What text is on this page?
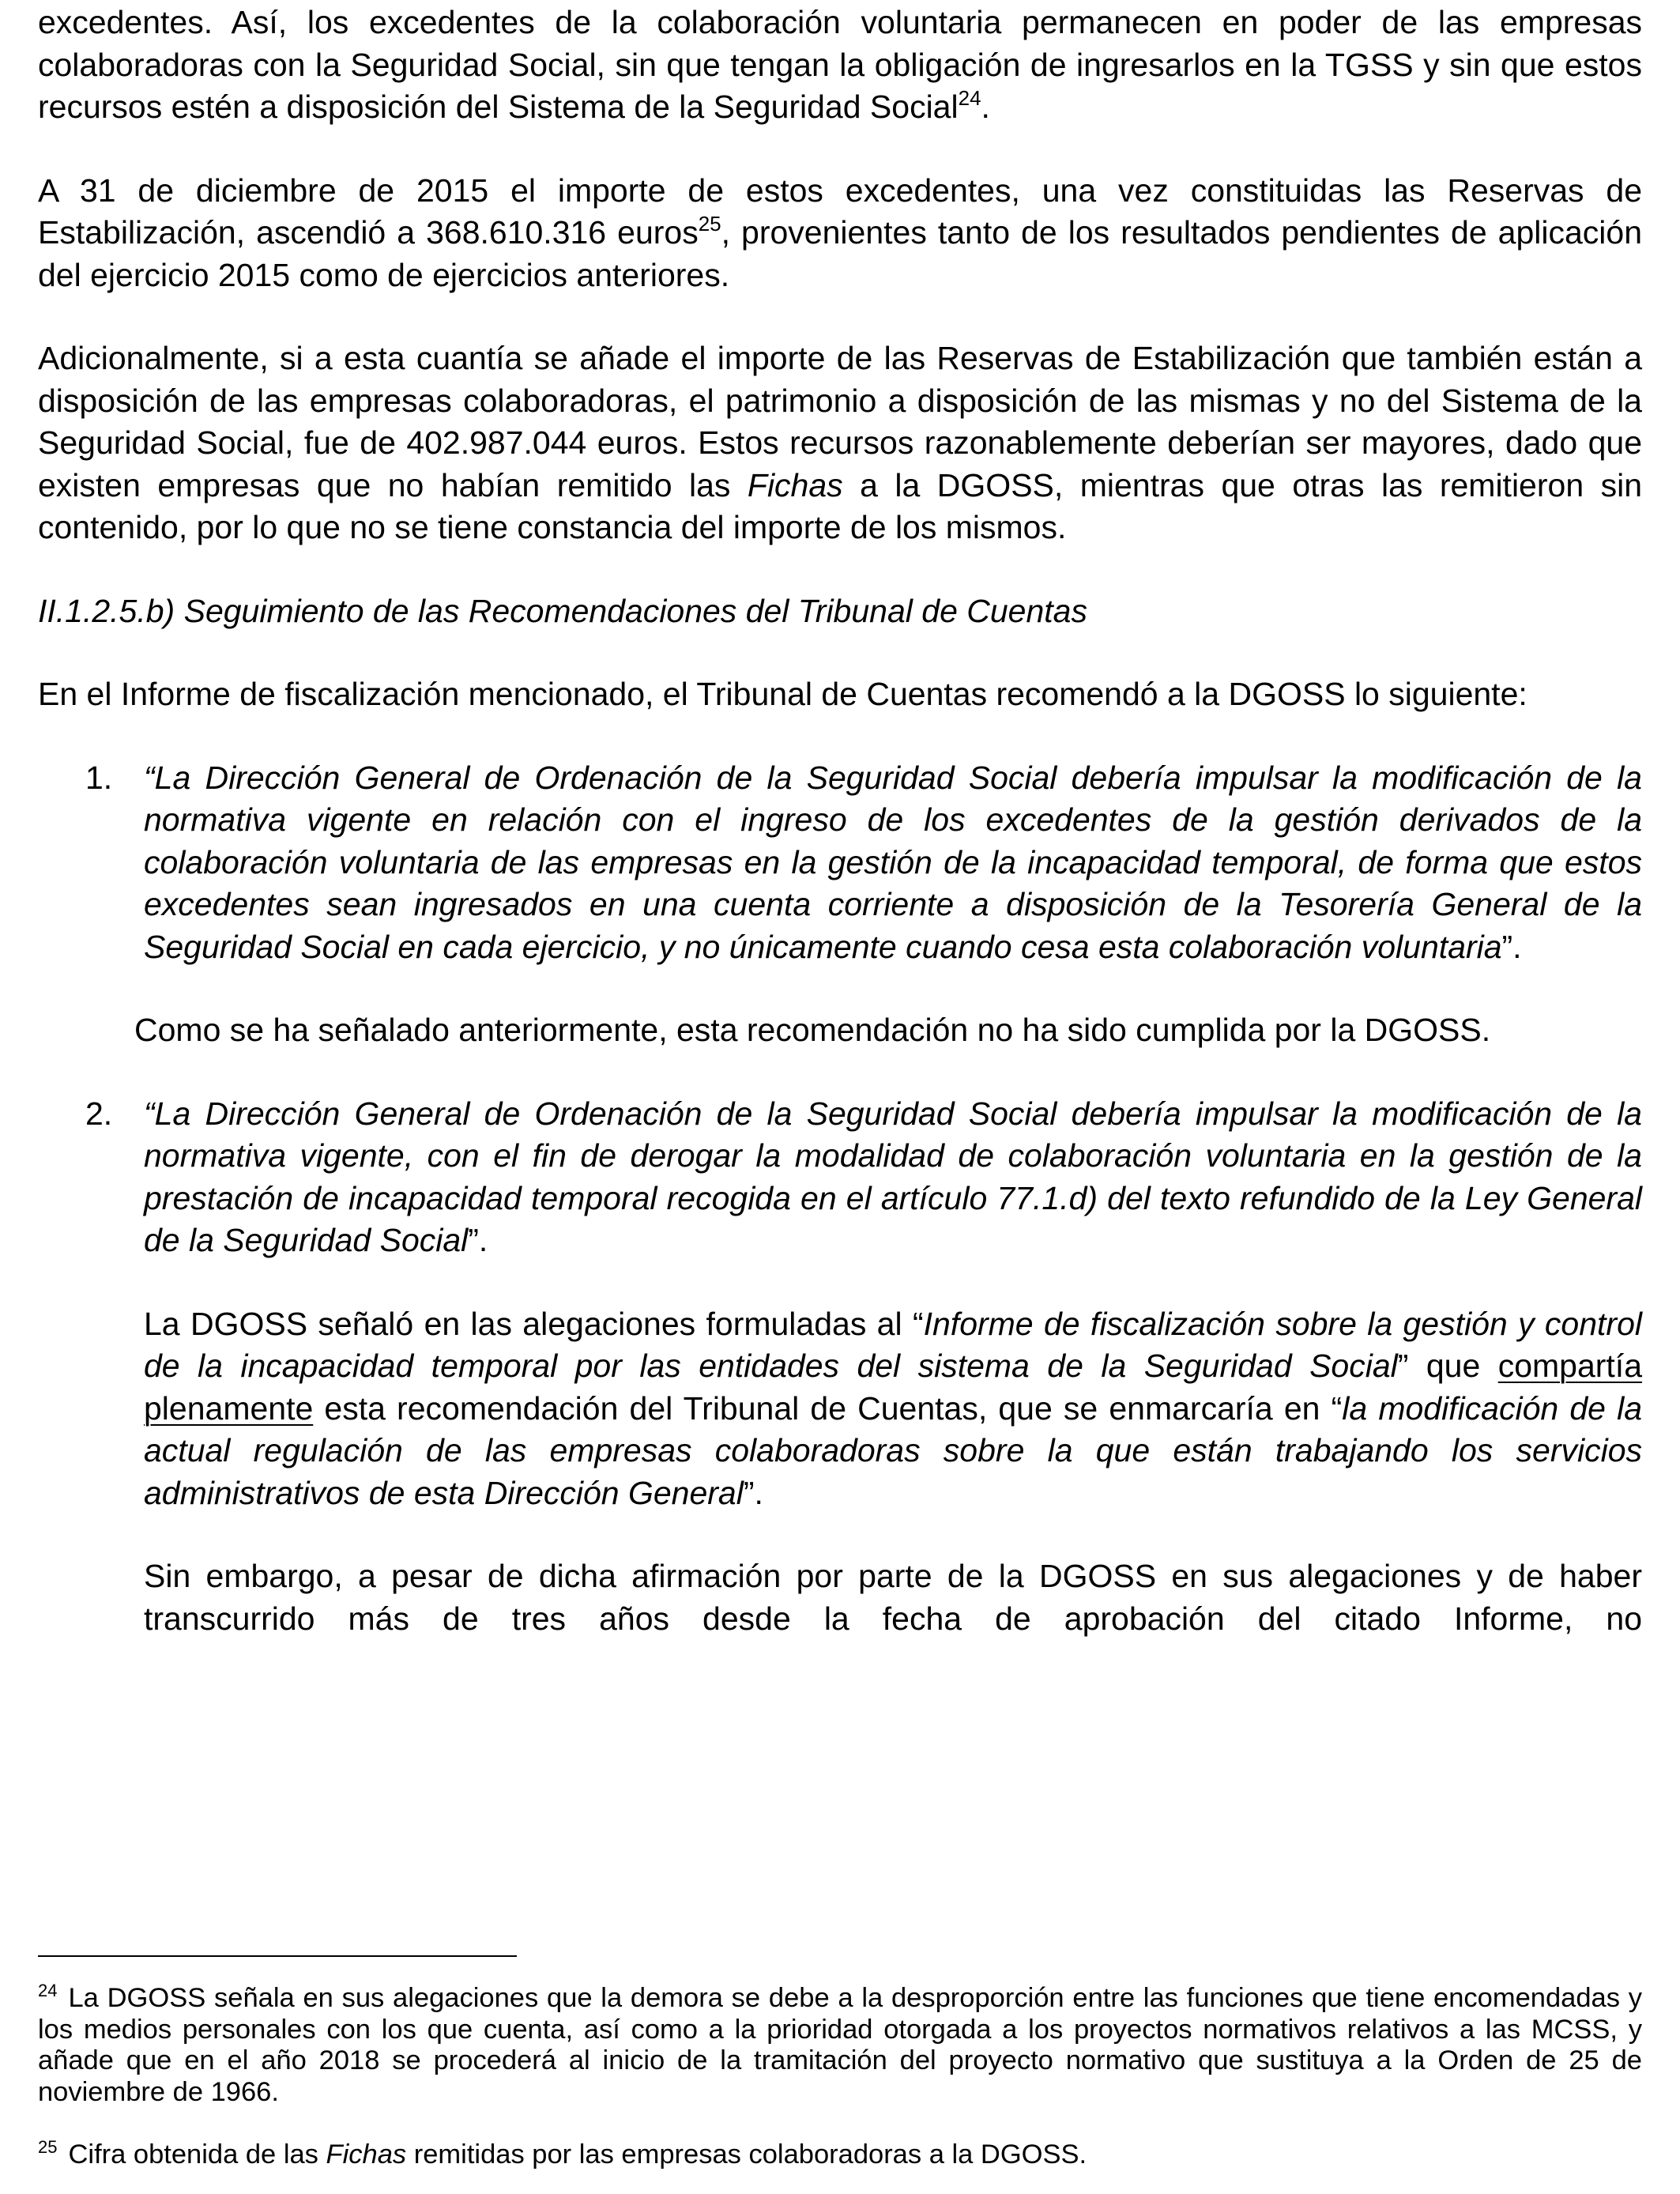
excedentes. Así, los excedentes de la colaboración voluntaria permanecen en poder de las empresas colaboradoras con la Seguridad Social, sin que tengan la obligación de ingresarlos en la TGSS y sin que estos recursos estén a disposición del Sistema de la Seguridad Social$^{24}$.

A 31 de diciembre de 2015 el importe de estos excedentes, una vez constituidas las Reservas de Estabilización, ascendió a 368.610.316 euros$^{25}$, provenientes tanto de los resultados pendientes de aplicación del ejercicio 2015 como de ejercicios anteriores.

Adicionalmente, si a esta cuantía se añade el importe de las Reservas de Estabilización que también están a disposición de las empresas colaboradoras, el patrimonio a disposición de las mismas y no del Sistema de la Seguridad Social, fue de 402.987.044 euros. Estos recursos razonablemente deberían ser mayores, dado que existen empresas que no habían remitido las Fichas a la DGOSS, mientras que otras las remitieron sin contenido, por lo que no se tiene constancia del importe de los mismos.

II.1.2.5.b) Seguimiento de las Recomendaciones del Tribunal de Cuentas

En el Informe de fiscalización mencionado, el Tribunal de Cuentas recomendó a la DGOSS lo siguiente:

1. “La Dirección General de Ordenación de la Seguridad Social debería impulsar la modificación de la normativa vigente en relación con el ingreso de los excedentes de la gestión derivados de la colaboración voluntaria de las empresas en la gestión de la incapacidad temporal, de forma que estos excedentes sean ingresados en una cuenta corriente a disposición de la Tesorería General de la Seguridad Social en cada ejercicio, y no únicamente cuando cesa esta colaboración voluntaria”.

Como se ha señalado anteriormente, esta recomendación no ha sido cumplida por la DGOSS.

2. “La Dirección General de Ordenación de la Seguridad Social debería impulsar la modificación de la normativa vigente, con el fin de derogar la modalidad de colaboración voluntaria en la gestión de la prestación de incapacidad temporal recogida en el artículo 77.1.d) del texto refundido de la Ley General de la Seguridad Social”.

La DGOSS señaló en las alegaciones formuladas al “Informe de fiscalización sobre la gestión y control de la incapacidad temporal por las entidades del sistema de la Seguridad Social” que compartía plenamente esta recomendación del Tribunal de Cuentas, que se enmarcaría en “la modificación de la actual regulación de las empresas colaboradoras sobre la que están trabajando los servicios administrativos de esta Dirección General”.

Sin embargo, a pesar de dicha afirmación por parte de la DGOSS en sus alegaciones y de haber transcurrido más de tres años desde la fecha de aprobación del citado Informe, no

$^{24}$ La DGOSS señala en sus alegaciones que la demora se debe a la desproporción entre las funciones que tiene encomendadas y los medios personales con los que cuenta, así como a la prioridad otorgada a los proyectos normativos relativos a las MCSS, y añade que en el año 2018 se procederá al inicio de la tramitación del proyecto normativo que sustituya a la Orden de 25 de noviembre de 1966.

$^{25}$ Cifra obtenida de las Fichas remitidas por las empresas colaboradoras a la DGOSS.
